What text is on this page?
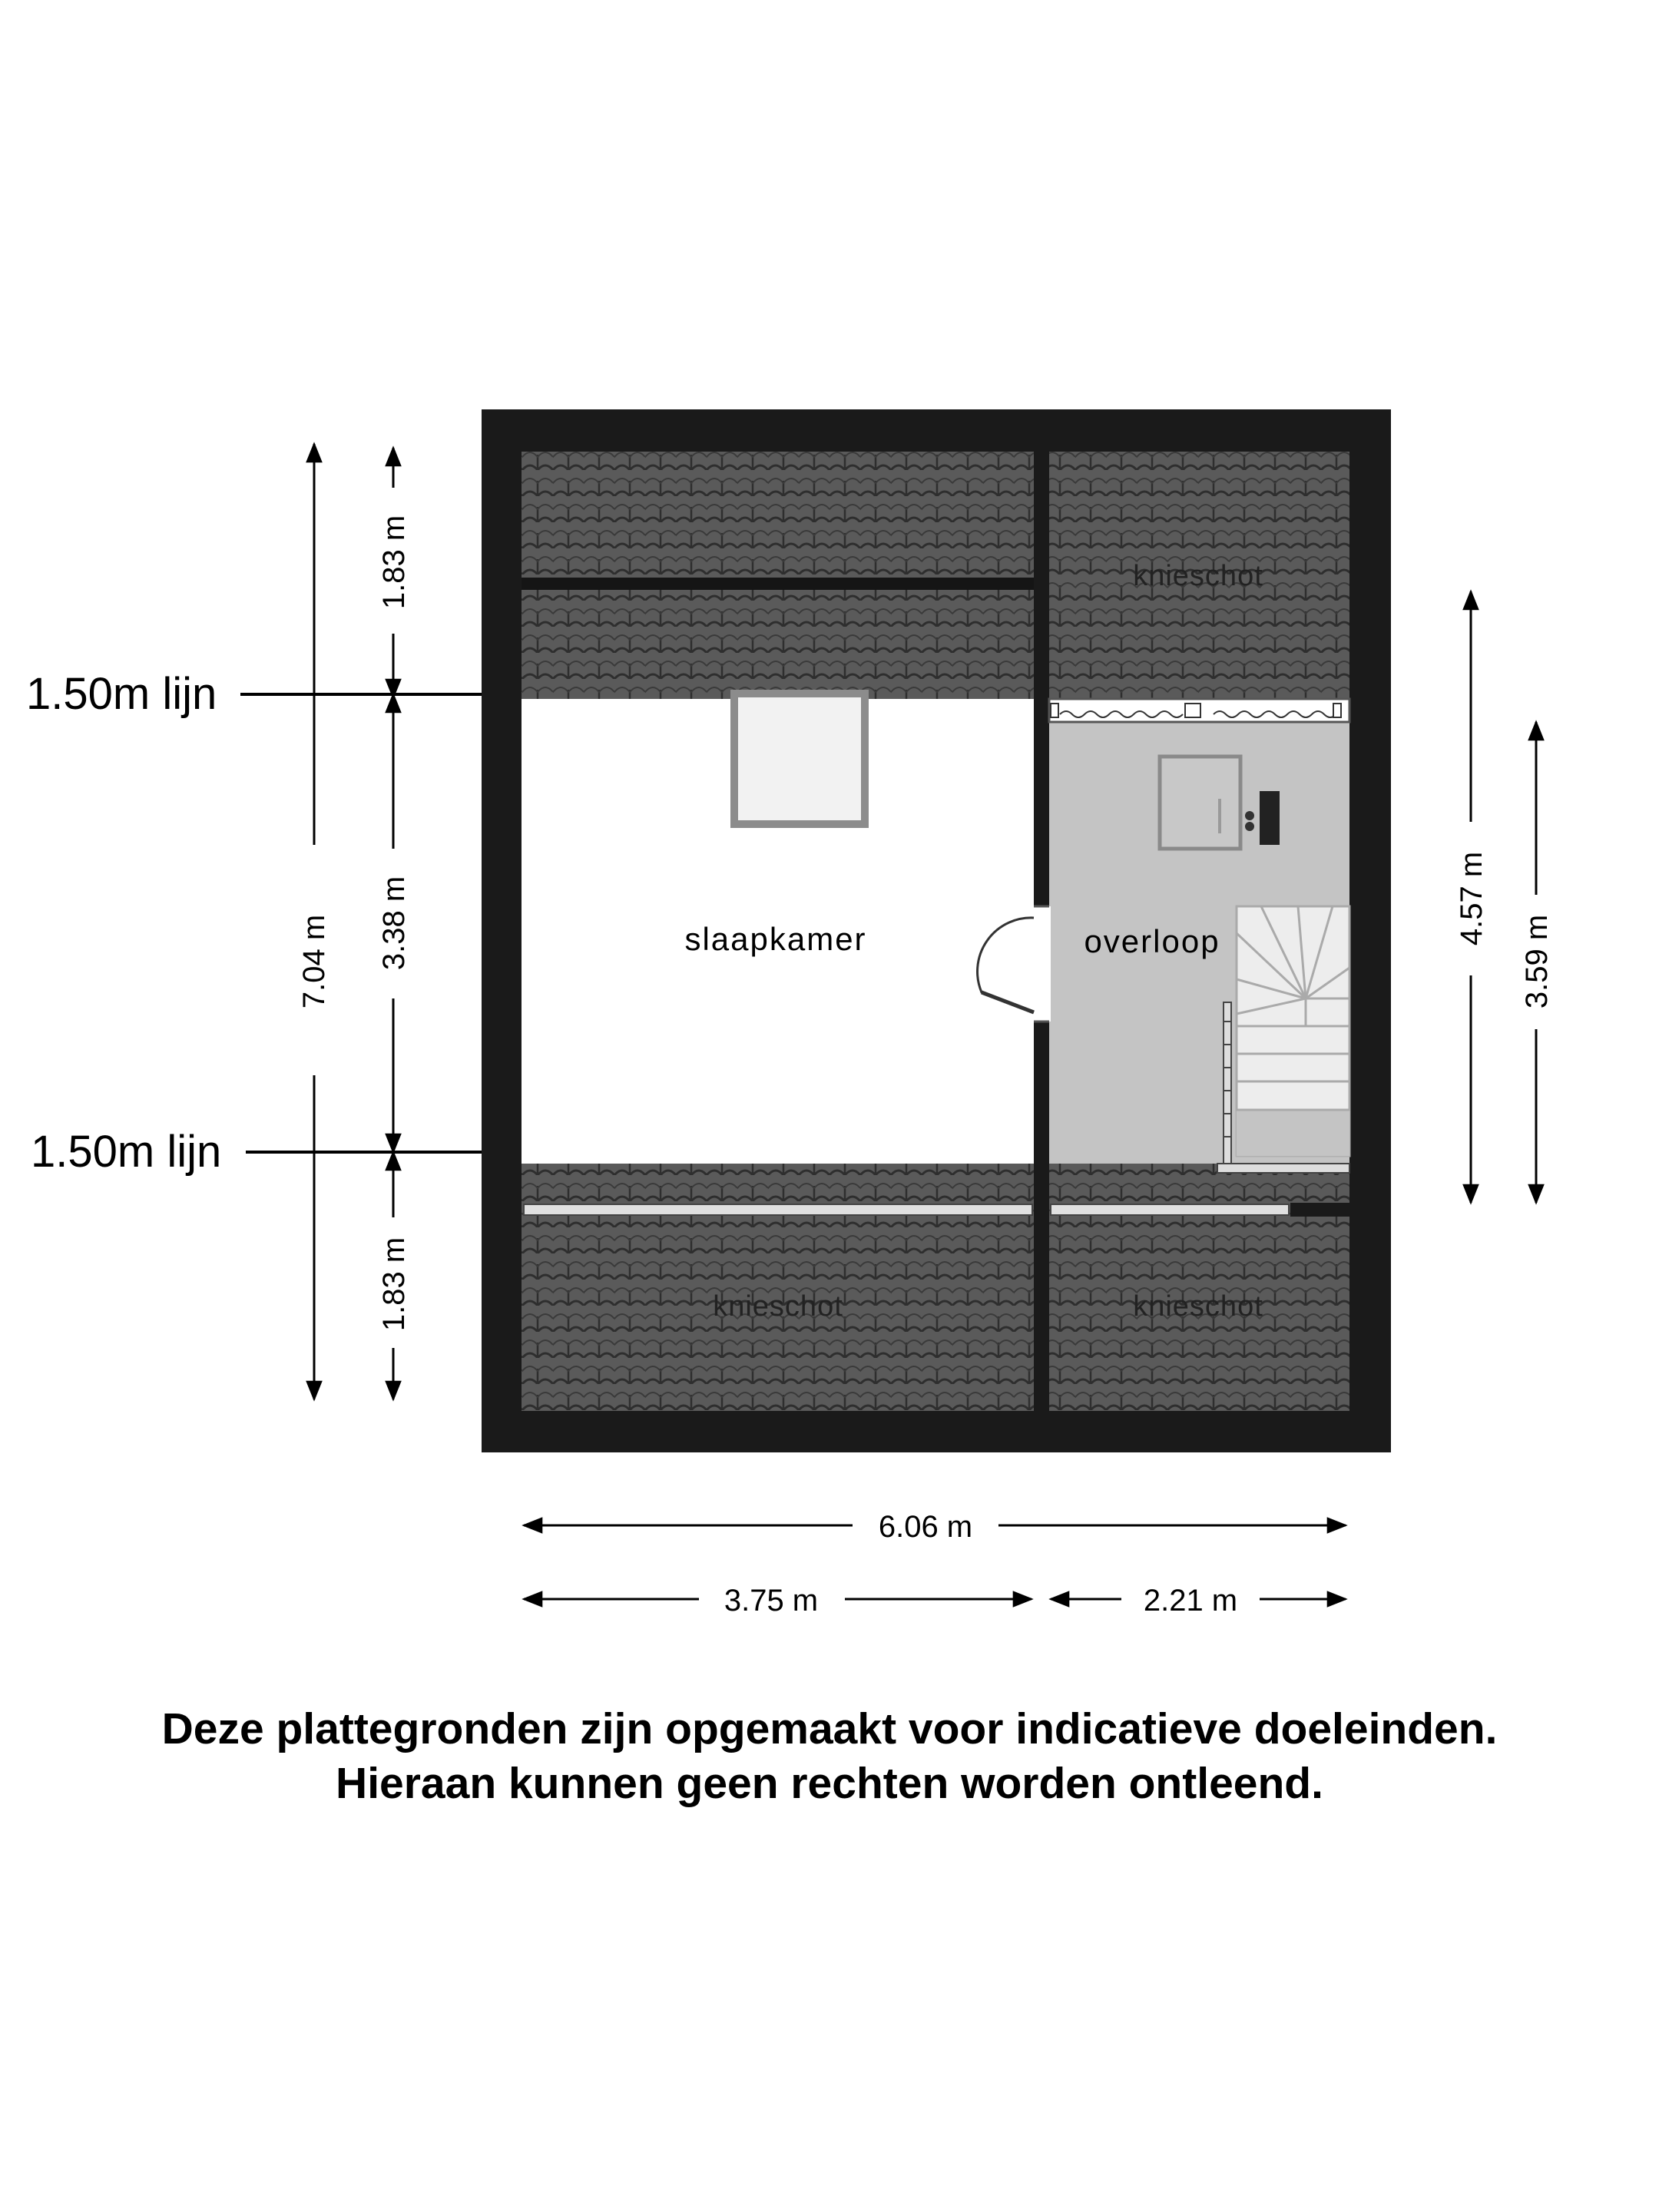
slaapkamer	overloop
knieschot
knieschot	knieschot
1.50m lijn
1.50m lijn
7.04 m
1.83 m
3.38 m
1.83 m
4.57 m
3.59 m
6.06 m
3.75 m	2.21 m
Deze plattegronden zijn opgemaakt voor indicatieve doeleinden.
Hieraan kunnen geen rechten worden ontleend.
